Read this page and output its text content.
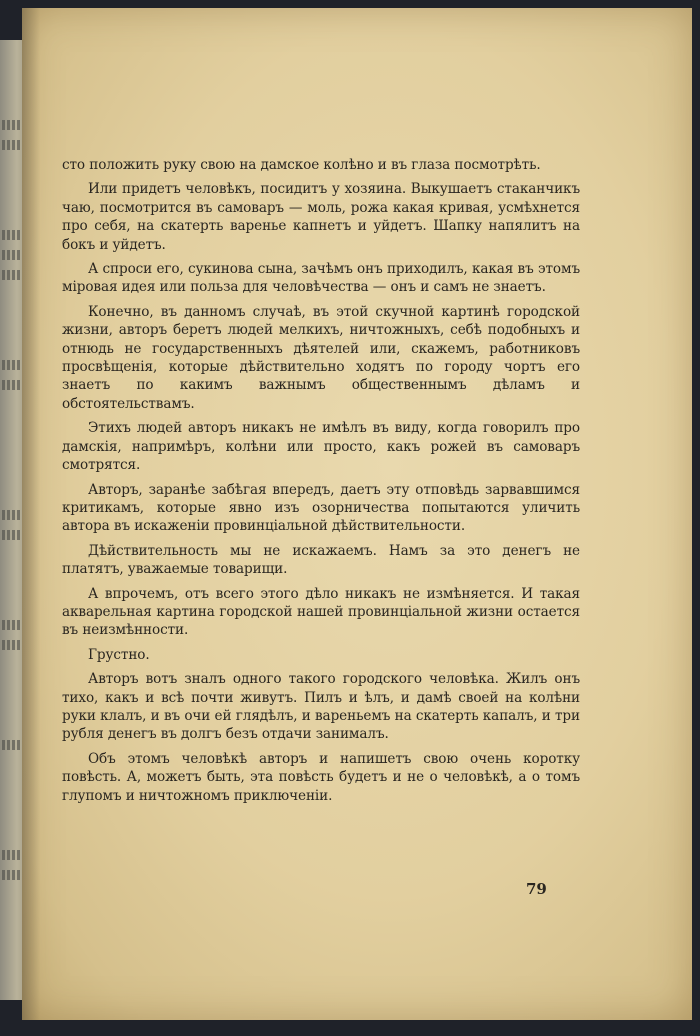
сто положить руку свою на дамское колѣно и въ глаза посмотрѣть.

Или придетъ человѣкъ, посидитъ у хозяина. Выкушаетъ стаканчикъ чаю, посмотрится въ самоваръ — моль, рожа какая кривая, усмѣхнется про себя, на скатерть варенье капнетъ и уйдетъ. Шапку напялитъ на бокъ и уйдетъ.

А спроси его, сукинова сына, зачѣмъ онъ приходилъ, какая въ этомъ мiровая идея или польза для человѣчества — онъ и самъ не знаетъ.

Конечно, въ данномъ случаѣ, въ этой скучной картинѣ городской жизни, авторъ беретъ людей мелкихъ, ничтожныхъ, себѣ подобныхъ и отнюдь не государственныхъ дѣятелей или, скажемъ, работниковъ просвѣщенiя, которые дѣйствительно ходятъ по городу чортъ его знаетъ по какимъ важнымъ общественнымъ дѣламъ и обстоятельствамъ.

Этихъ людей авторъ никакъ не имѣлъ въ виду, когда говорилъ про дамскiя, напримѣръ, колѣни или просто, какъ рожей въ самоваръ смотрятся.

Авторъ, заранѣе забѣгая впередъ, даетъ эту отповѣдь зарвавшимся критикамъ, которые явно изъ озорничества попытаются уличить автора въ искаженiи провинцiальной дѣйствительности.

Дѣйствительность мы не искажаемъ. Намъ за это денегъ не платятъ, уважаемые товарищи.

А впрочемъ, отъ всего этого дѣло никакъ не измѣняется. И такая акварельная картина городской нашей провинцiальной жизни остается въ неизмѣнности.

Грустно.

Авторъ вотъ зналъ одного такого городского человѣка. Жилъ онъ тихо, какъ и всѣ почти живутъ. Пилъ и ѣлъ, и дамѣ своей на колѣни руки клалъ, и въ очи ей глядѣлъ, и вареньемъ на скатерть капалъ, и три рубля денегъ въ долгъ безъ отдачи занималъ.

Объ этомъ человѣкѣ авторъ и напишетъ свою очень коротку повѣсть. А, можетъ быть, эта повѣсть будетъ и не о человѣкѣ, а о томъ глупомъ и ничтожномъ приключенiи.

79
